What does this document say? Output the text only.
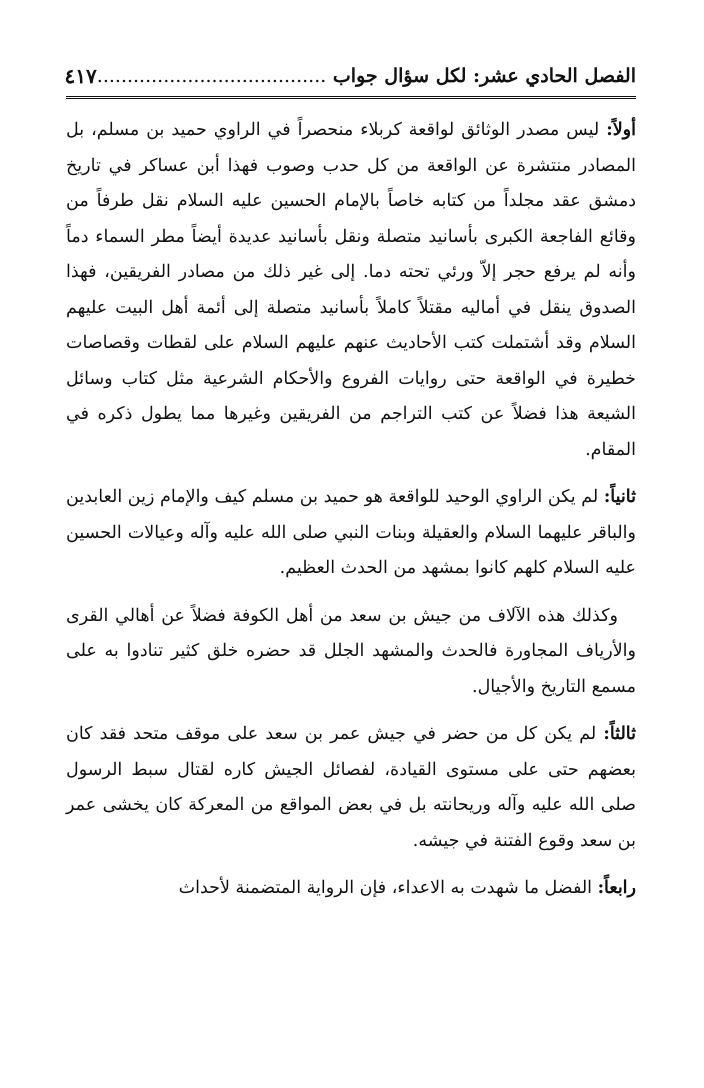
الفصل الحادي عشر: لكل سؤال جواب ......................................
٤١٧

أولاً: ليس مصدر الوثائق لواقعة كربلاء منحصراً في الراوي حميد بن مسلم، بل المصادر منتشرة عن الواقعة من كل حدب وصوب فهذا أبن عساكر في تاريخ دمشق عقد مجلداً من كتابه خاصاً بالإمام الحسين عليه السلام نقل طرفاً من وقائع الفاجعة الكبرى بأسانيد متصلة ونقل بأسانيد عديدة أيضاً مطر السماء دماً وأنه لم يرفع حجر إلاّ ورئي تحته دما. إلى غير ذلك من مصادر الفريقين، فهذا الصدوق ينقل في أماليه مقتلاً كاملاً بأسانيد متصلة إلى أئمة أهل البيت عليهم السلام وقد أشتملت كتب الأحاديث عنهم عليهم السلام على لقطات وقصاصات خطيرة في الواقعة حتى روايات الفروع والأحكام الشرعية مثل كتاب وسائل الشيعة هذا فضلاً عن كتب التراجم من الفريقين وغيرها مما يطول ذكره في المقام.

ثانياً: لم يكن الراوي الوحيد للواقعة هو حميد بن مسلم كيف والإمام زين العابدين والباقر عليهما السلام والعقيلة وبنات النبي صلى الله عليه وآله وعيالات الحسين عليه السلام كلهم كانوا بمشهد من الحدث العظيم.

وكذلك هذه الآلاف من جيش بن سعد من أهل الكوفة فضلاً عن أهالي القرى والأرياف المجاورة فالحدث والمشهد الجلل قد حضره خلق كثير تنادوا به على مسمع التاريخ والأجيال.

ثالثاً: لم يكن كل من حضر في جيش عمر بن سعد على موقف متحد فقد كان بعضهم حتى على مستوى القيادة، لفصائل الجيش كاره لقتال سبط الرسول صلى الله عليه وآله وريحانته بل في بعض المواقع من المعركة كان يخشى عمر بن سعد وقوع الفتنة في جيشه.

رابعاً: الفضل ما شهدت به الاعداء، فإن الرواية المتضمنة لأحداث
